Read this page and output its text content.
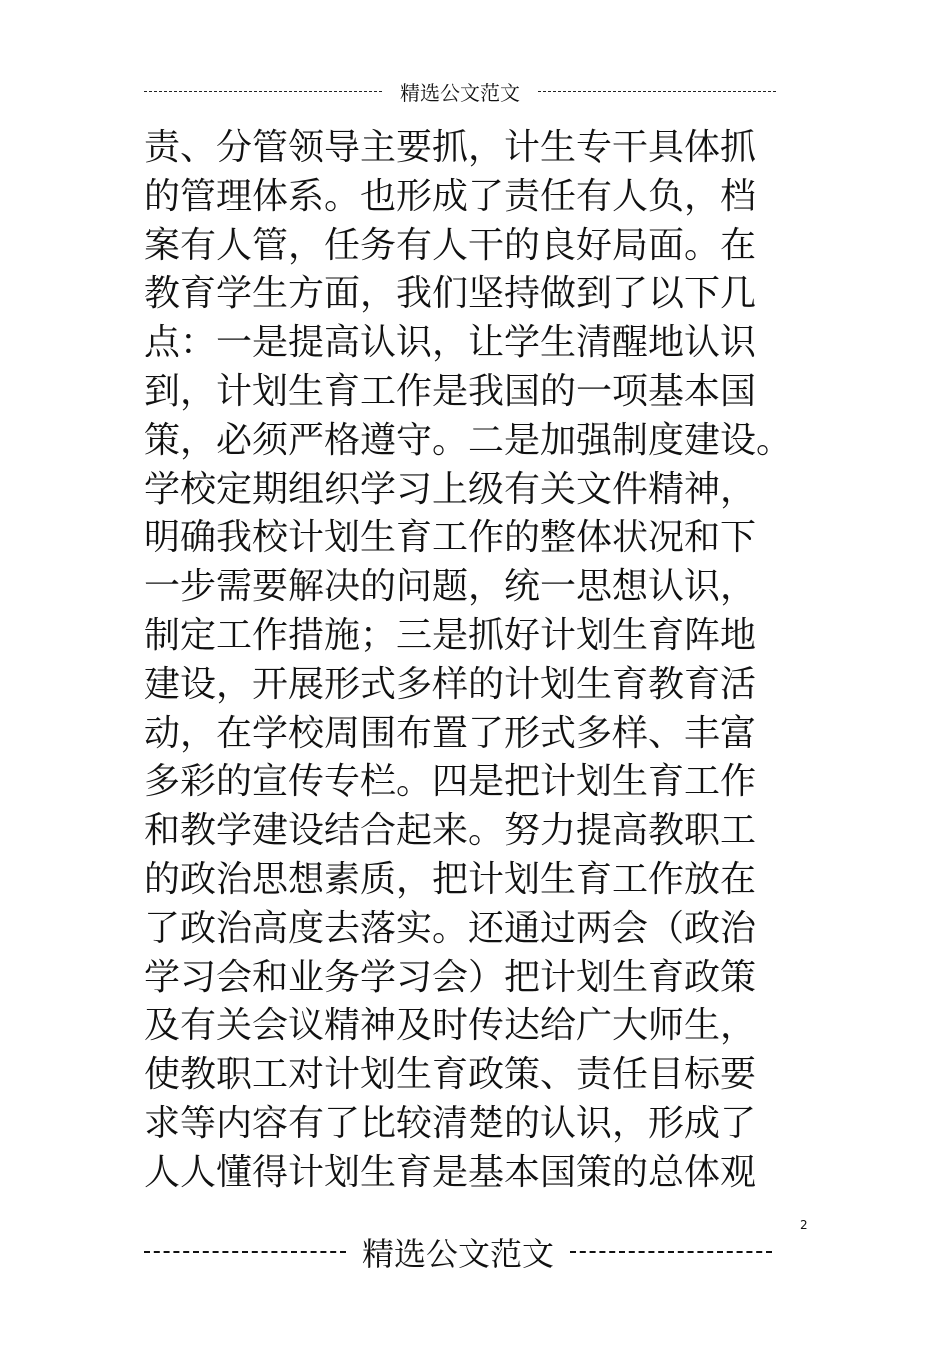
精选公文范文
责、分管领导主要抓，计生专干具体抓
的管理体系。也形成了责任有人负，档
案有人管，任务有人干的良好局面。在
教育学生方面，我们坚持做到了以下几
点：一是提高认识，让学生清醒地认识
到，计划生育工作是我国的一项基本国
策，必须严格遵守。二是加强制度建设。
学校定期组织学习上级有关文件精神，
明确我校计划生育工作的整体状况和下
一步需要解决的问题，统一思想认识，
制定工作措施；三是抓好计划生育阵地
建设，开展形式多样的计划生育教育活
动，在学校周围布置了形式多样、丰富
多彩的宣传专栏。四是把计划生育工作
和教学建设结合起来。努力提高教职工
的政治思想素质，把计划生育工作放在
了政治高度去落实。还通过两会（政治
学习会和业务学习会）把计划生育政策
及有关会议精神及时传达给广大师生，
使教职工对计划生育政策、责任目标要
求等内容有了比较清楚的认识，形成了
人人懂得计划生育是基本国策的总体观
2
精选公文范文
